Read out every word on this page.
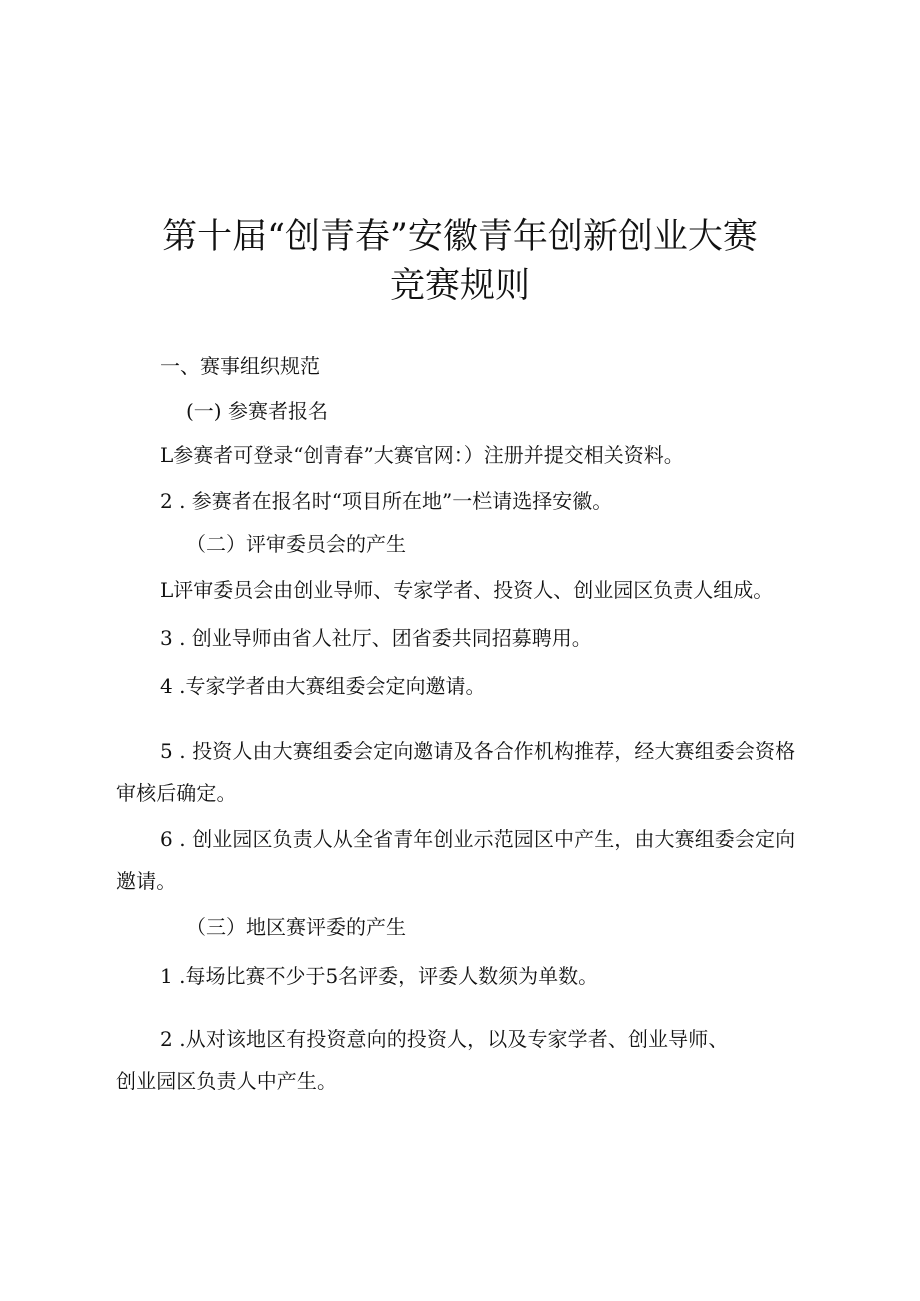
第十届“创青春”安徽青年创新创业大赛
竞赛规则
一、赛事组织规范
(一) 参赛者报名
L参赛者可登录“创青春”大赛官网：）注册并提交相关资料。
2 . 参赛者在报名时“项目所在地”一栏请选择安徽。
（二）评审委员会的产生
L评审委员会由创业导师、专家学者、投资人、创业园区负责人组成。
3 . 创业导师由省人社厅、团省委共同招募聘用。
4 .专家学者由大赛组委会定向邀请。
5 . 投资人由大赛组委会定向邀请及各合作机构推荐，经大赛组委会资格审核后确定。
6 . 创业园区负责人从全省青年创业示范园区中产生，由大赛组委会定向邀请。
（三）地区赛评委的产生
1 .每场比赛不少于5名评委，评委人数须为单数。
2 .从对该地区有投资意向的投资人，以及专家学者、创业导师、创业园区负责人中产生。
